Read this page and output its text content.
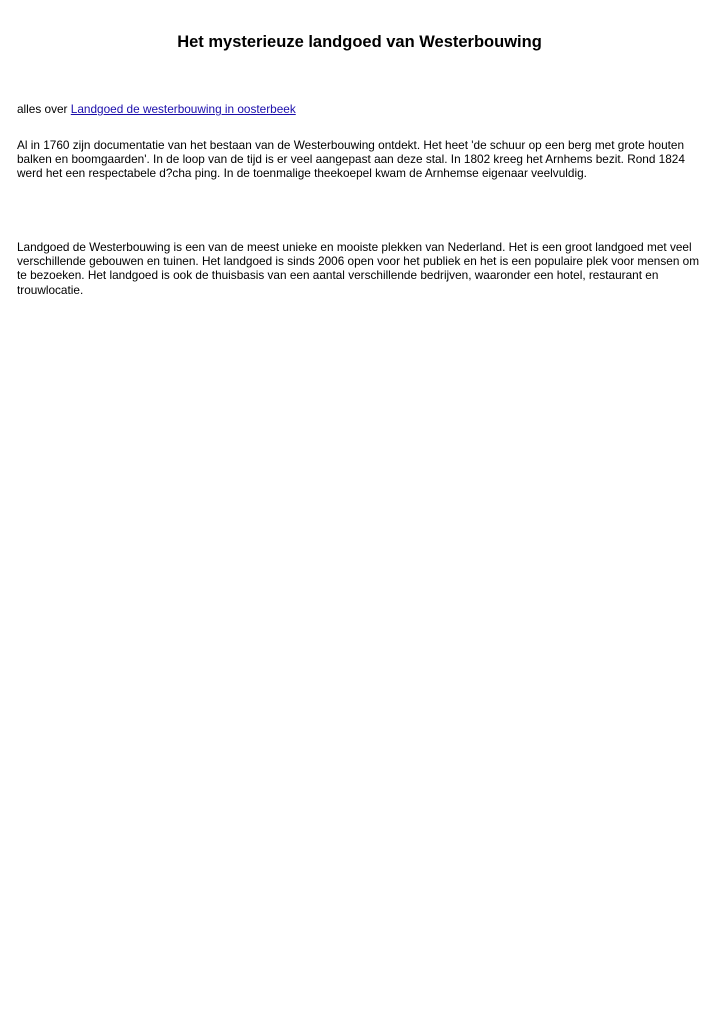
Het mysterieuze landgoed van Westerbouwing

alles over Landgoed de westerbouwing in oosterbeek

Al in 1760 zijn documentatie van het bestaan van de Westerbouwing ontdekt. Het heet 'de schuur op een berg met grote houten balken en boomgaarden'. In de loop van de tijd is er veel aangepast aan deze stal. In 1802 kreeg het Arnhems bezit. Rond 1824 werd het een respectabele d?cha ping. In de toenmalige theekoepel kwam de Arnhemse eigenaar veelvuldig.

Landgoed de Westerbouwing is een van de meest unieke en mooiste plekken van Nederland. Het is een groot landgoed met veel verschillende gebouwen en tuinen. Het landgoed is sinds 2006 open voor het publiek en het is een populaire plek voor mensen om te bezoeken. Het landgoed is ook de thuisbasis van een aantal verschillende bedrijven, waaronder een hotel, restaurant en trouwlocatie.
